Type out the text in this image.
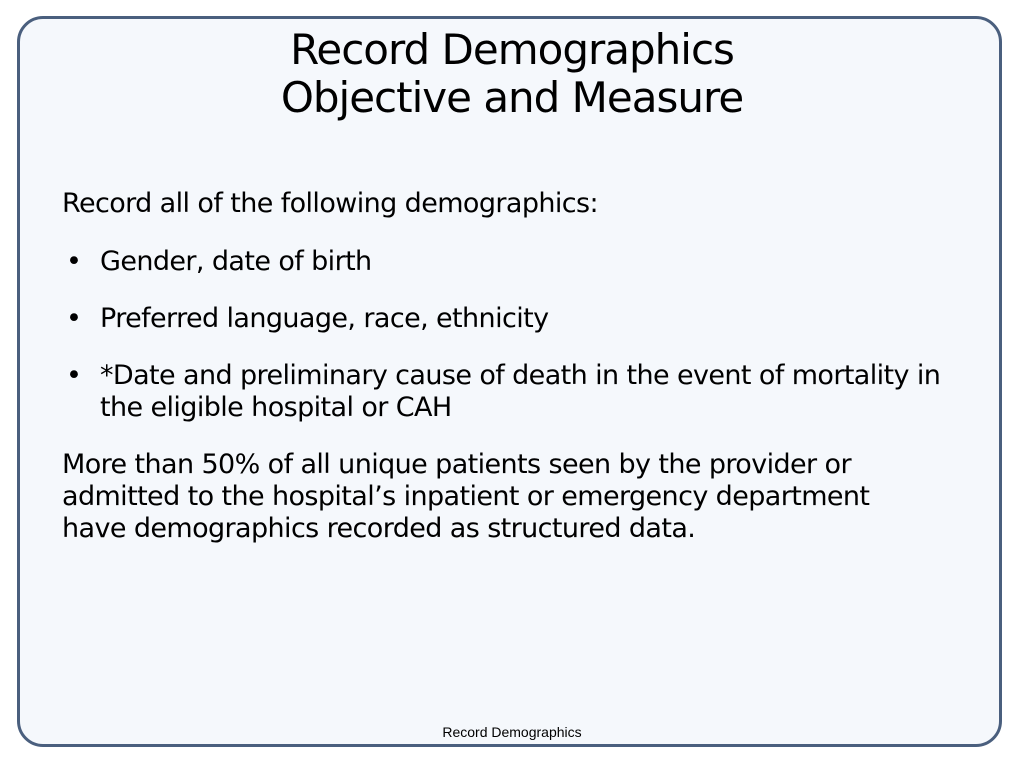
Record Demographics
Objective and Measure

Record all of the following demographics:

• Gender, date of birth
• Preferred language, race, ethnicity
• *Date and preliminary cause of death in the event of mortality in the eligible hospital or CAH

More than 50% of all unique patients seen by the provider or admitted to the hospital’s inpatient or emergency department have demographics recorded as structured data.

Record Demographics
